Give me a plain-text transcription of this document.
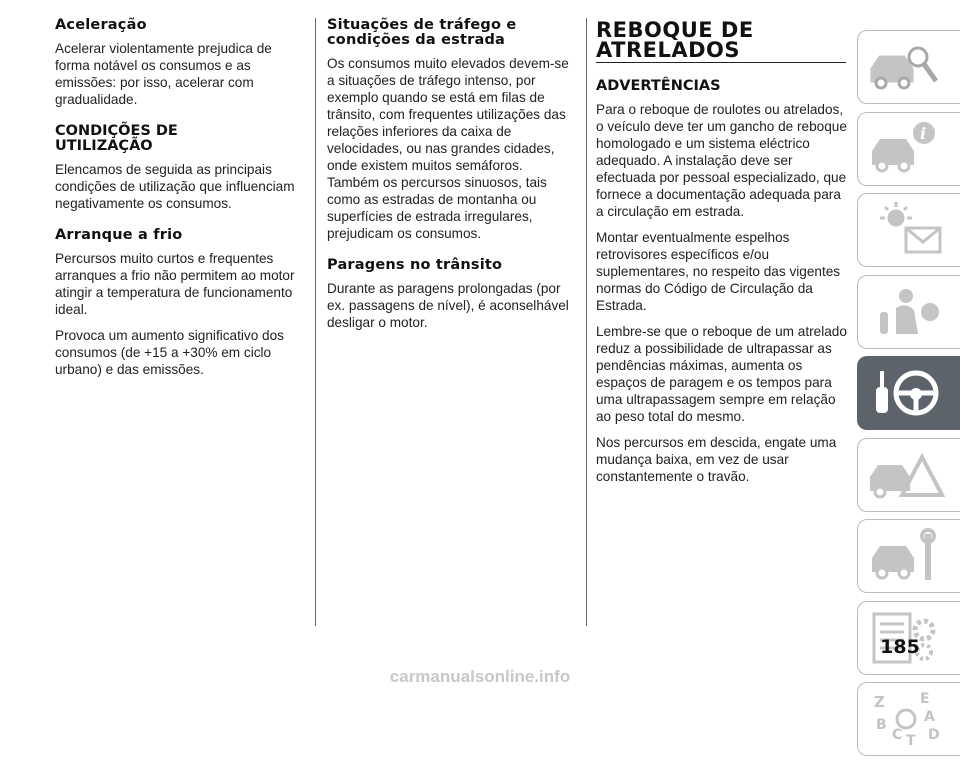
Aceleração
Acelerar violentamente prejudica de forma notável os consumos e as emissões: por isso, acelerar com gradualidade.
CONDIÇÕES DE UTILIZAÇÃO
Elencamos de seguida as principais condições de utilização que influenciam negativamente os consumos.
Arranque a frio
Percursos muito curtos e frequentes arranques a frio não permitem ao motor atingir a temperatura de funcionamento ideal.
Provoca um aumento significativo dos consumos (de +15 a +30% em ciclo urbano) e das emissões.
Situações de tráfego e condições da estrada
Os consumos muito elevados devem-se a situações de tráfego intenso, por exemplo quando se está em filas de trânsito, com frequentes utilizações das relações inferiores da caixa de velocidades, ou nas grandes cidades, onde existem muitos semáforos. Também os percursos sinuosos, tais como as estradas de montanha ou superfícies de estrada irregulares, prejudicam os consumos.
Paragens no trânsito
Durante as paragens prolongadas (por ex. passagens de nível), é aconselhável desligar o motor.
REBOQUE DE ATRELADOS
ADVERTÊNCIAS
Para o reboque de roulotes ou atrelados, o veículo deve ter um gancho de reboque homologado e um sistema eléctrico adequado. A instalação deve ser efectuada por pessoal especializado, que fornece a documentação adequada para a circulação em estrada.
Montar eventualmente espelhos retrovisores específicos e/ou suplementares, no respeito das vigentes normas do Código de Circulação da Estrada.
Lembre-se que o reboque de um atrelado reduz a possibilidade de ultrapassar as pendências máximas, aumenta os espaços de paragem e os tempos para uma ultrapassagem sempre em relação ao peso total do mesmo.
Nos percursos em descida, engate uma mudança baixa, em vez de usar constantemente o travão.
i
Z	E
A
B
C T D
185
carmanualsonline.info
